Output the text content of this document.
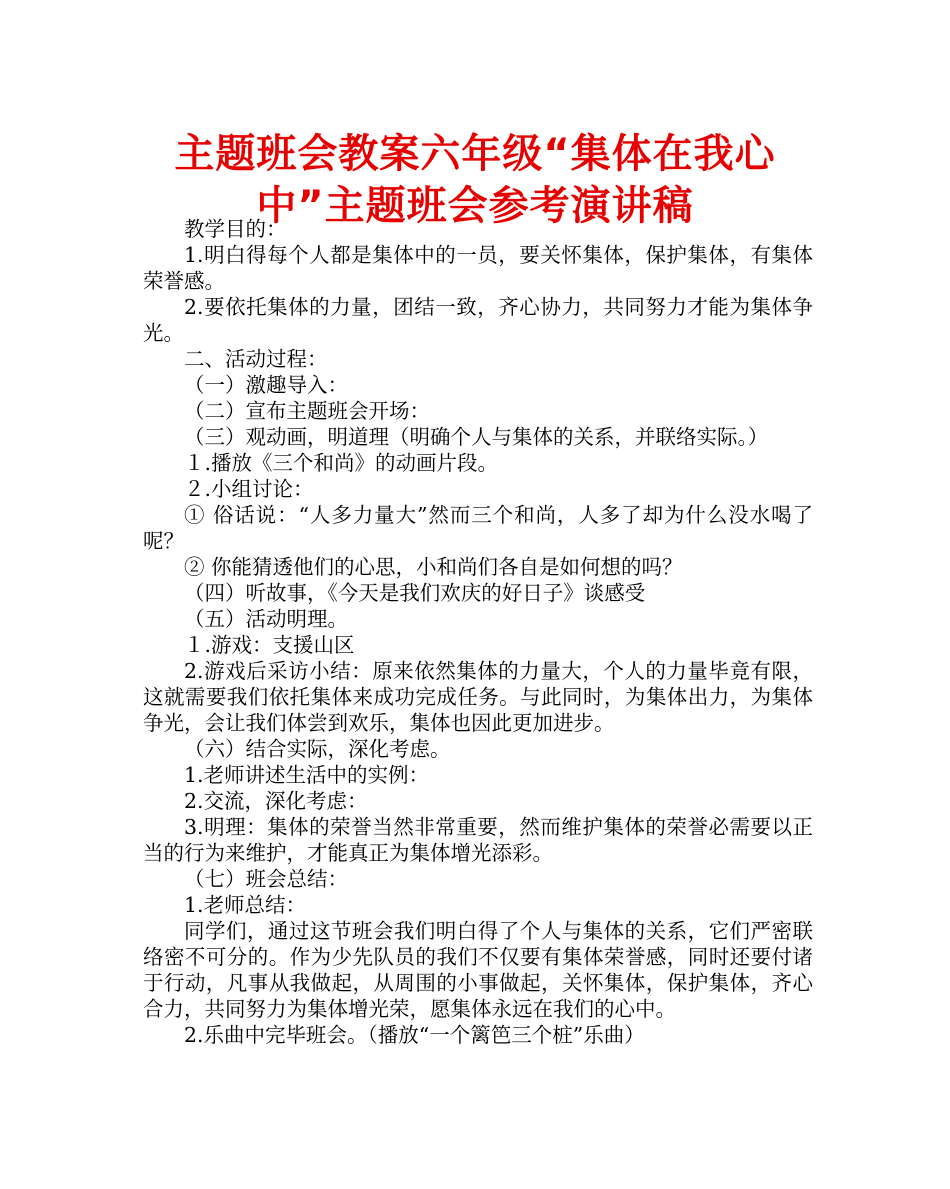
主题班会教案六年级“集体在我心中”主题班会参考演讲稿

教学目的：

1.明白得每个人都是集体中的一员，要关怀集体，保护集体，有集体荣誉感。

2.要依托集体的力量，团结一致，齐心协力，共同努力才能为集体争光。

二、活动过程：

（一）激趣导入：

（二）宣布主题班会开场：

（三）观动画，明道理（明确个人与集体的关系，并联络实际。）

１.播放《三个和尚》的动画片段。

２.小组讨论：

① 俗话说：“人多力量大”然而三个和尚，人多了却为什么没水喝了呢？

② 你能猜透他们的心思，小和尚们各自是如何想的吗？

（四）听故事，《今天是我们欢庆的好日子》谈感受

（五）活动明理。

１.游戏：支援山区

2.游戏后采访小结：原来依然集体的力量大，个人的力量毕竟有限，这就需要我们依托集体来成功完成任务。与此同时，为集体出力，为集体争光，会让我们体尝到欢乐，集体也因此更加进步。

（六）结合实际，深化考虑。

1.老师讲述生活中的实例：

2.交流，深化考虑：

3.明理：集体的荣誉当然非常重要，然而维护集体的荣誉必需要以正当的行为来维护，才能真正为集体增光添彩。

（七）班会总结：

1.老师总结：

同学们，通过这节班会我们明白得了个人与集体的关系，它们严密联络密不可分的。作为少先队员的我们不仅要有集体荣誉感，同时还要付诸于行动，凡事从我做起，从周围的小事做起，关怀集体，保护集体，齐心合力，共同努力为集体增光荣，愿集体永远在我们的心中。

2.乐曲中完毕班会。（播放“一个篱笆三个桩”乐曲）
